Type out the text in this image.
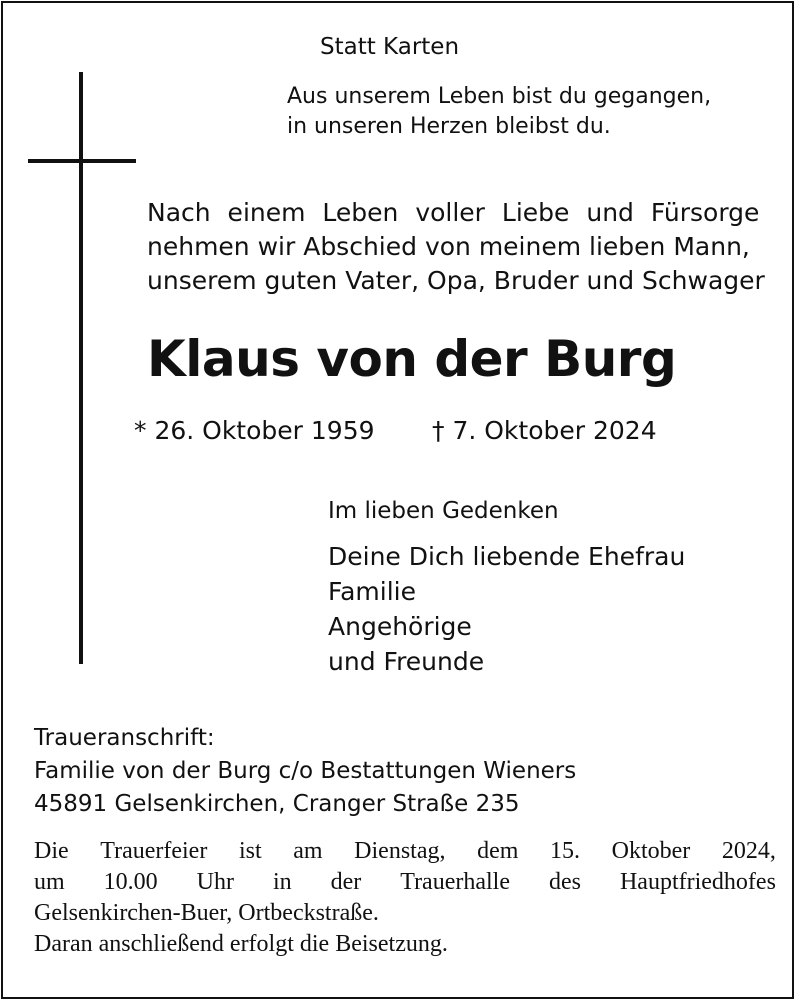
Statt Karten
Aus unserem Leben bist du gegangen,
in unseren Herzen bleibst du.
Nach einem Leben voller Liebe und Fürsorge
nehmen wir Abschied von meinem lieben Mann,
unserem guten Vater, Opa, Bruder und Schwager
Klaus von der Burg
* 26. Oktober 1959 † 7. Oktober 2024
Im lieben Gedenken
Deine Dich liebende Ehefrau
Familie
Angehörige
und Freunde
Traueranschrift:
Familie von der Burg c/o Bestattungen Wieners
45891 Gelsenkirchen, Cranger Straße 235
Die Trauerfeier ist am Dienstag, dem 15. Oktober 2024,
um 10.00 Uhr in der Trauerhalle des Hauptfriedhofes
Gelsenkirchen-Buer, Ortbeckstraße.
Daran anschließend erfolgt die Beisetzung.
